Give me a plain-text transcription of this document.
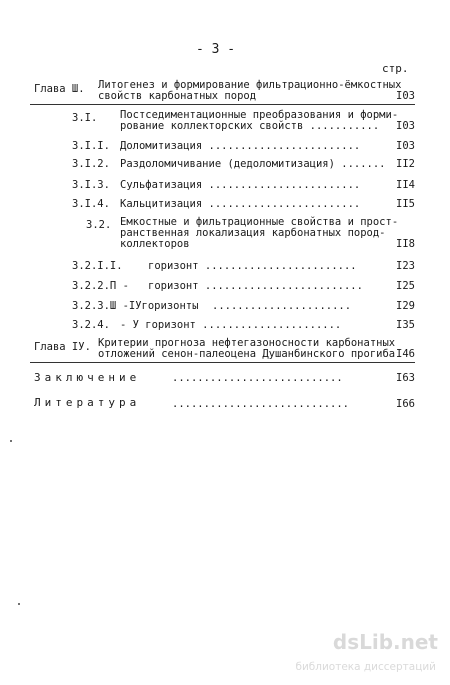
- 3 -
стр.
Глава Ш. Литогенез и формирование фильтрационно-ёмкостных
свойств карбонатных пород	I03
3.I. Постседиментационные преобразования и форми-
рование коллекторских свойств ........... I03
3.I.I. Доломитизация ........................	I03
3.I.2. Раздоломичивание (дедоломитизация) ....... II2
3.I.3. Сульфатизация ........................	II4
3.I.4. Кальцитизация ........................	II5
3.2. Емкостные и фильтрационные свойства и прост-
ранственная локализация карбонатных пород-
коллекторов	II8
3.2.I.I. горизонт ........................	I23
3.2.2.П - горизонт .........................	I25
3.2.3.Ш -IУгоризонты ......................	I29
3.2.4. - У горизонт ......................	I35
Глава IУ. Критерии прогноза нефтегазоносности карбонатных
отложений сенон-палеоцена Душанбинского прогиба I46
Заключение	...........................	I63
Литература	............................	I66
dsLib.net
библиотека диссертаций
